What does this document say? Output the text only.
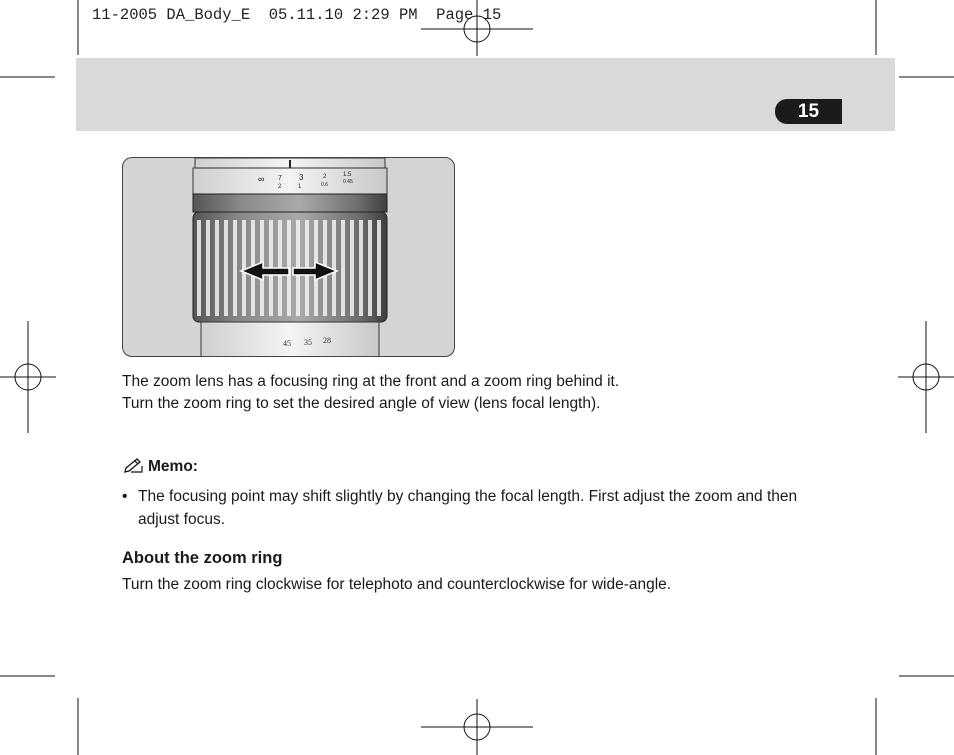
11-2005 DA_Body_E  05.11.10 2:29 PM  Page 15
15
∞ 7 3	2	1.5
2	1	0.6	0.45
45 35 28
The zoom lens has a focusing ring at the front and a zoom ring behind it.
Turn the zoom ring to set the desired angle of view (lens focal length).
Memo:
• The focusing point may shift slightly by changing the focal length. First adjust the zoom and then adjust focus.
About the zoom ring
Turn the zoom ring clockwise for telephoto and counterclockwise for wide-angle.
